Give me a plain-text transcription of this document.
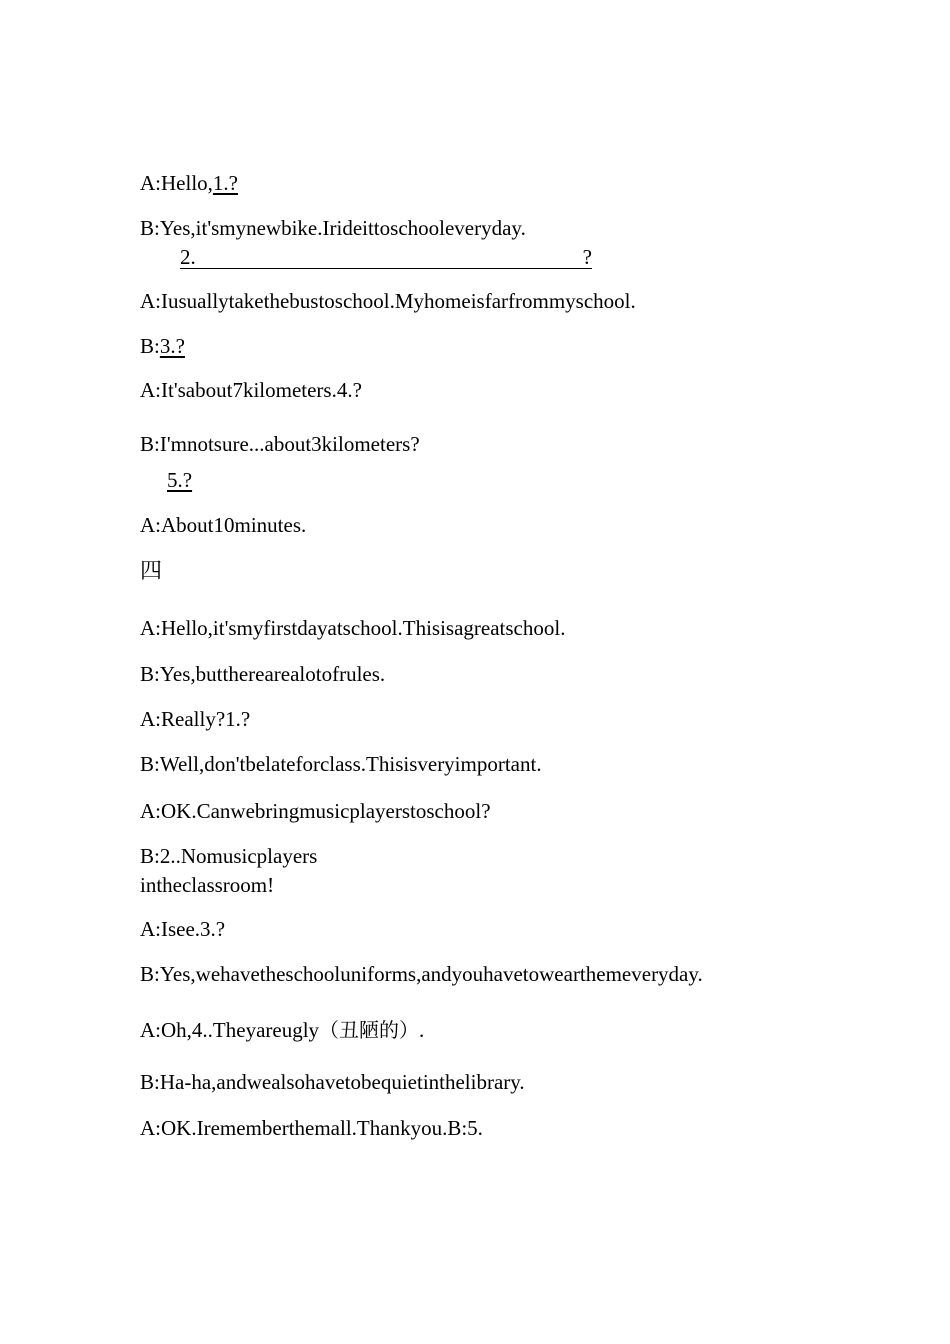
A:Hello,1.?

B:Yes,it'smynewbike.Irideittoschooleveryday.

2.	?

A:Iusuallytakethebustoschool.Myhomeisfarfrommyschool.

B:3.?

A:It'sabout7kilometers.4.?

B:I'mnotsure...about3kilometers?

5.?

A:About10minutes.

四

A:Hello,it'smyfirstdayatschool.Thisisagreatschool.

B:Yes,buttherearealotofrules.

A:Really?1.?

B:Well,don'tbelateforclass.Thisisveryimportant.

A:OK.Canwebringmusicplayerstoschool?

B:2..Nomusicplayers

intheclassroom!

A:Isee.3.?

B:Yes,wehavetheschooluniforms,andyouhavetowearthemeveryday.

A:Oh,4..Theyareugly（丑陋的）.

B:Ha-ha,andwealsohavetobequietinthelibrary.

A:OK.Irememberthemall.Thankyou.B:5.
